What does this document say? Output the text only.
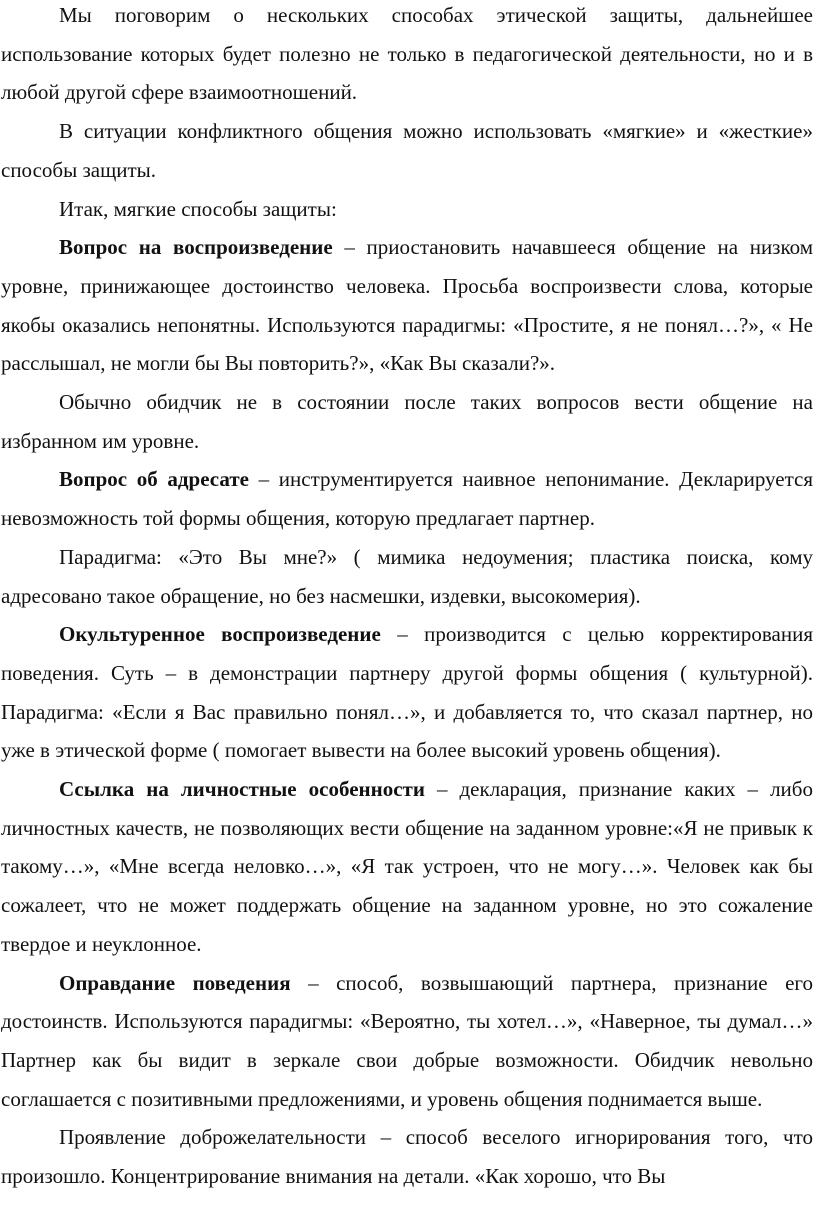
Мы поговорим о нескольких способах этической защиты, дальнейшее использование которых будет полезно не только в педагогической деятельности, но и в любой другой сфере взаимоотношений.

В ситуации конфликтного общения можно использовать «мягкие» и «жесткие» способы защиты.

Итак, мягкие способы защиты:

Вопрос на воспроизведение – приостановить начавшееся общение на низком уровне, принижающее достоинство человека. Просьба воспроизвести слова, которые якобы оказались непонятны. Используются парадигмы: «Простите, я не понял…?», « Не расслышал, не могли бы Вы повторить?», «Как Вы сказали?».

Обычно обидчик не в состоянии после таких вопросов вести общение на избранном им уровне.

Вопрос об адресате – инструментируется наивное непонимание. Декларируется невозможность той формы общения, которую предлагает партнер.

Парадигма: «Это Вы мне?» ( мимика недоумения; пластика поиска, кому адресовано такое обращение, но без насмешки, издевки, высокомерия).

Окультуренное воспроизведение – производится с целью корректирования поведения. Суть – в демонстрации партнеру другой формы общения ( культурной). Парадигма: «Если я Вас правильно понял…», и добавляется то, что сказал партнер, но уже в этической форме ( помогает вывести на более высокий уровень общения).

Ссылка на личностные особенности – декларация, признание каких – либо личностных качеств, не позволяющих вести общение на заданном уровне:«Я не привык к такому…», «Мне всегда неловко…», «Я так устроен, что не могу…». Человек как бы сожалеет, что не может поддержать общение на заданном уровне, но это сожаление твердое и неуклонное.

Оправдание поведения – способ, возвышающий партнера, признание его достоинств. Используются парадигмы: «Вероятно, ты хотел…», «Наверное, ты думал…» Партнер как бы видит в зеркале свои добрые возможности. Обидчик невольно соглашается с позитивными предложениями, и уровень общения поднимается выше.

Проявление доброжелательности – способ веселого игнорирования того, что произошло. Концентрирование внимания на детали. «Как хорошо, что Вы
